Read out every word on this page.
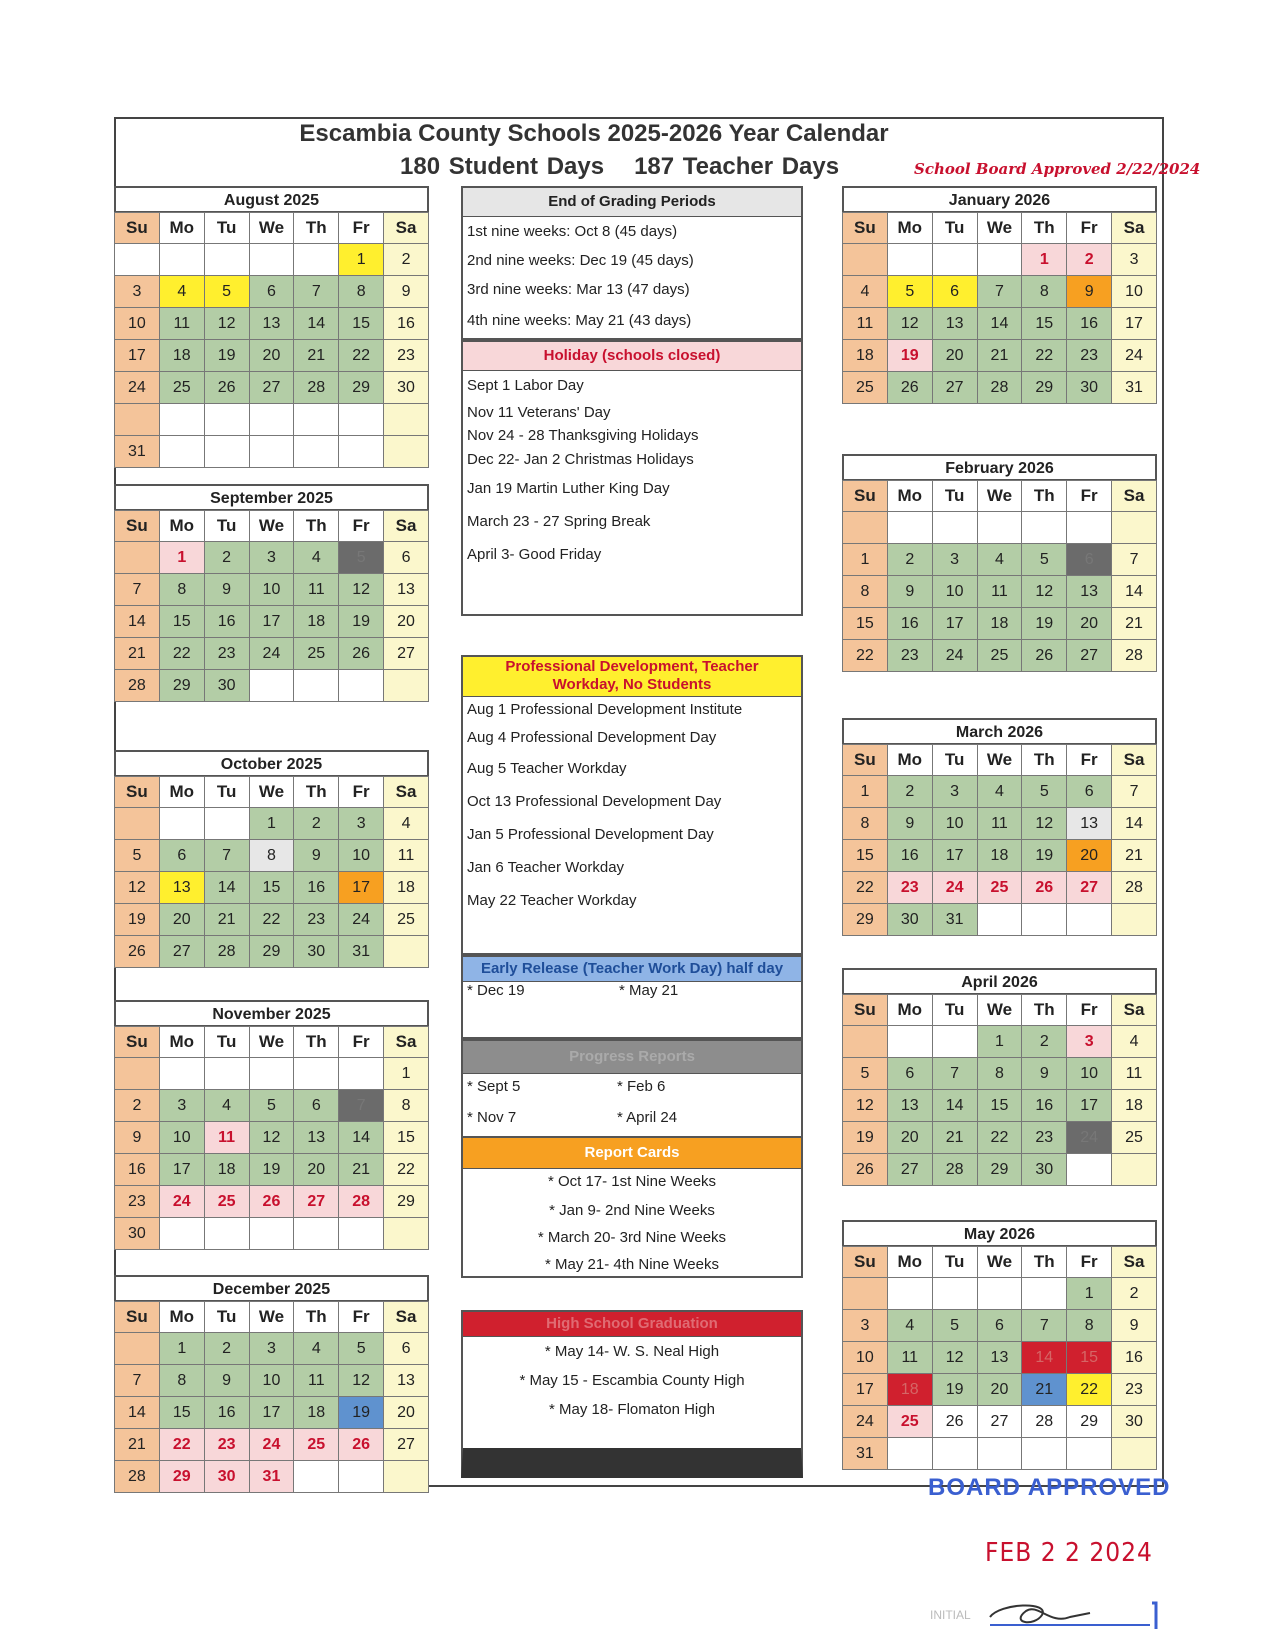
Escambia County Schools 2025-2026 Year Calendar
180 Student Days 187 Teacher Days	School Board Approved 2/22/2024
August 2025
Su	Mo	Tu	We	Th	Fr	Sa
					1	2
3	4	5	6	7	8	9
10	11	12	13	14	15	16
17	18	19	20	21	22	23
24	25	26	27	28	29	30

31						
September 2025
Su	Mo	Tu	We	Th	Fr	Sa
	1	2	3	4	5	6
7	8	9	10	11	12	13
14	15	16	17	18	19	20
21	22	23	24	25	26	27
28	29	30				
October 2025
Su	Mo	Tu	We	Th	Fr	Sa
			1	2	3	4
5	6	7	8	9	10	11
12	13	14	15	16	17	18
19	20	21	22	23	24	25
26	27	28	29	30	31	
November 2025
Su	Mo	Tu	We	Th	Fr	Sa
						1
2	3	4	5	6	7	8
9	10	11	12	13	14	15
16	17	18	19	20	21	22
23	24	25	26	27	28	29
30						
December 2025
Su	Mo	Tu	We	Th	Fr	Sa
	1	2	3	4	5	6
7	8	9	10	11	12	13
14	15	16	17	18	19	20
21	22	23	24	25	26	27
28	29	30	31			
January 2026
Su	Mo	Tu	We	Th	Fr	Sa
				1	2	3
4	5	6	7	8	9	10
11	12	13	14	15	16	17
18	19	20	21	22	23	24
25	26	27	28	29	30	31
February 2026
Su	Mo	Tu	We	Th	Fr	Sa

1	2	3	4	5	6	7
8	9	10	11	12	13	14
15	16	17	18	19	20	21
22	23	24	25	26	27	28
March 2026
Su	Mo	Tu	We	Th	Fr	Sa
1	2	3	4	5	6	7
8	9	10	11	12	13	14
15	16	17	18	19	20	21
22	23	24	25	26	27	28
29	30	31				
April 2026
Su	Mo	Tu	We	Th	Fr	Sa
			1	2	3	4
5	6	7	8	9	10	11
12	13	14	15	16	17	18
19	20	21	22	23	24	25
26	27	28	29	30		
May 2026
Su	Mo	Tu	We	Th	Fr	Sa
					1	2
3	4	5	6	7	8	9
10	11	12	13	14	15	16
17	18	19	20	21	22	23
24	25	26	27	28	29	30
31						
End of Grading Periods
1st nine weeks: Oct 8 (45 days)
2nd nine weeks: Dec 19 (45 days)
3rd nine weeks: Mar 13 (47 days)
4th nine weeks: May 21 (43 days)
Holiday (schools closed)
Sept 1 Labor Day
Nov 11 Veterans' Day
Nov 24 - 28 Thanksgiving Holidays
Dec 22- Jan 2 Christmas Holidays
Jan 19 Martin Luther King Day
March 23 - 27 Spring Break
April 3- Good Friday
Professional Development, Teacher Workday, No Students
Aug 1 Professional Development Institute
Aug 4 Professional Development Day
Aug 5 Teacher Workday
Oct 13 Professional Development Day
Jan 5 Professional Development Day
Jan 6 Teacher Workday
May 22 Teacher Workday
Early Release (Teacher Work Day) half day
* Dec 19	* May 21
Progress Reports
* Sept 5	* Feb 6
* Nov 7	* April 24
Report Cards
* Oct 17- 1st Nine Weeks
* Jan 9- 2nd Nine Weeks
* March 20- 3rd Nine Weeks
* May 21- 4th Nine Weeks
High School Graduation
* May 14- W. S. Neal High
* May 15 - Escambia County High
* May 18- Flomaton High
BOARD APPROVED
FEB 2 2 2024
INITIAL
